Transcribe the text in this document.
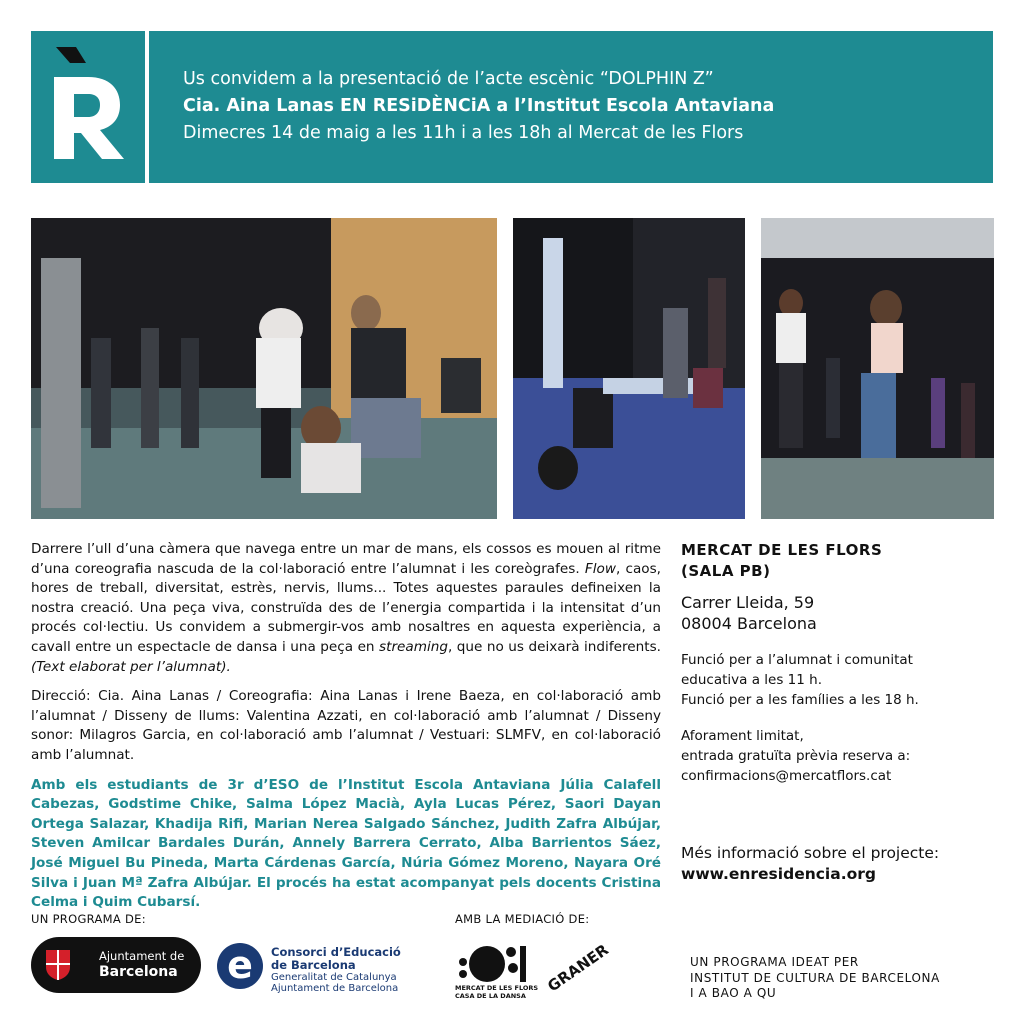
Us convidem a la presentació de l’acte escènic “DOLPHIN Z”
Cia. Aina Lanas EN RESiDÈNCiA a l’Institut Escola Antaviana
Dimecres 14 de maig a les 11h i a les 18h al Mercat de les Flors

Darrere l’ull d’una càmera que navega entre un mar de mans, els cossos es mouen al ritme d’una coreografia nascuda de la col·laboració entre l’alumnat i les coreògrafes. Flow, caos, hores de treball, diversitat, estrès, nervis, llums... Totes aquestes paraules defineixen la nostra creació. Una peça viva, construïda des de l’energia compartida i la intensitat d’un procés col·lectiu. Us convidem a submergir-vos amb nosaltres en aquesta experiència, a cavall entre un espectacle de dansa i una peça en streaming, que no us deixarà indiferents.(Text elaborat per l’alumnat).

Direcció: Cia. Aina Lanas / Coreografia: Aina Lanas i Irene Baeza, en col·laboració amb l’alumnat / Disseny de llums: Valentina Azzati, en col·laboració amb l’alumnat / Disseny sonor: Milagros Garcia, en col·laboració amb l’alumnat / Vestuari: SLMFV, en col·laboració amb l’alumnat.

Amb els estudiants de 3r d’ESO de l’Institut Escola Antaviana Júlia Calafell Cabezas, Godstime Chike, Salma López Macià, Ayla Lucas Pérez, Saori Dayan Ortega Salazar, Khadija Rifi, Marian Nerea Salgado Sánchez, Judith Zafra Albújar, Steven Amilcar Bardales Durán, Annely Barrera Cerrato, Alba Barrientos Sáez, José Miguel Bu Pineda, Marta Cárdenas García, Núria Gómez Moreno, Nayara Oré Silva i Juan Mª Zafra Albújar. El procés ha estat acompanyat pels docents Cristina Celma i Quim Cubarsí.

MERCAT DE LES FLORS
(SALA PB)
Carrer Lleida, 59
08004 Barcelona
Funció per a l’alumnat i comunitat
educativa a les 11 h.
Funció per a les famílies a les 18 h.
Aforament limitat,
entrada gratuïta prèvia reserva a:
confirmacions@mercatflors.cat
Més informació sobre el projecte:
www.enresidencia.org
UN PROGRAMA DE:	AMB LA MEDIACIÓ DE:
Ajuntament de
Barcelona e	Consorci d’Educació
de Barcelona
Generalitat de Catalunya
Ajuntament de Barcelona	MERCAT DE LES FLORS
CASA DE LA DANSA
GRANER	UN PROGRAMA IDEAT PER
INSTITUT DE CULTURA DE BARCELONA
I A BAO A QU
